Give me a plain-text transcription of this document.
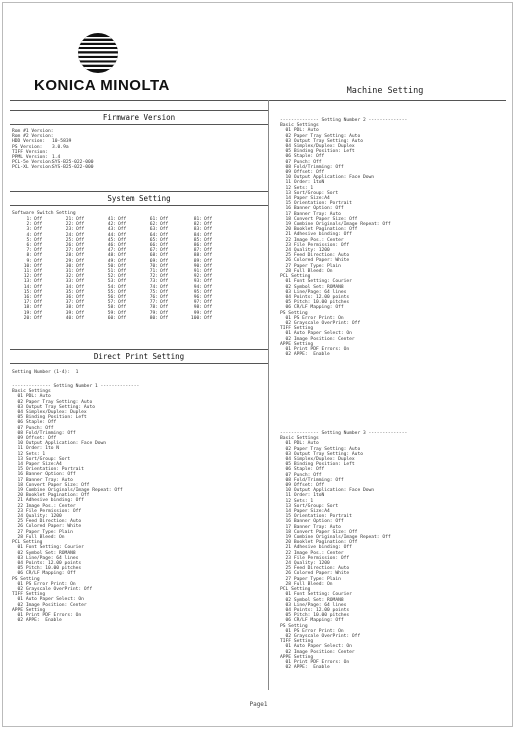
KONICA MINOLTA	Machine Setting
Firmware Version
Rom #1 Version:
Rom #2 Version:
HDD Version:	10-5839
PS Version:	3.0.9a
TIFF Version:
PPML Version: 1.4
PCL-5e Version:
SYS-B25-022-000
PCL-XL Version:
SYS-B25-022-000
System Setting
Software Switch Setting
1: Off	21: Off	41: Off	61: Off	81: Off
2: Off	22: Off	42: Off	62: Off	82: Off
3: Off	23: Off	43: Off	63: Off	83: Off
4: Off	24: Off	44: Off	64: Off	84: Off
5: Off	25: Off	45: Off	65: Off	85: Off
6: Off	26: Off	46: Off	66: Off	86: Off
7: Off	27: Off	47: Off	67: Off	87: Off
8: Off	28: Off	48: Off	68: Off	88: Off
9: Off	29: Off	49: Off	69: Off	89: Off
10: Off	30: Off	50: Off	70: Off	90: Off
11: Off	31: Off	51: Off	71: Off	91: Off
12: Off	32: Off	52: Off	72: Off	92: Off
13: Off	33: Off	53: Off	73: Off	93: Off
14: Off	34: Off	54: Off	74: Off	94: Off
15: Off	35: Off	55: Off	75: Off	95: Off
16: Off	36: Off	56: Off	76: Off	96: Off
17: Off	37: Off	57: Off	77: Off	97: Off
18: Off	38: Off	58: Off	78: Off	98: Off
19: Off	39: Off	59: Off	79: Off	99: Off
20: Off	40: Off	60: Off	80: Off	100: Off
Direct Print Setting
Setting Number (1-4):  1
-------------- Setting Number 1 --------------
Basic Settings
01 PDL: Auto
02 Paper Tray Setting: Auto
03 Output Tray Setting: Auto
04 Simplex/Duplex: Duplex
05 Binding Position: Left
06 Staple: Off
07 Punch: Off
08 Fold/Trimming: Off
09 Offset: Off
10 Output Application: Face Down
11 Order: 1to N
12 Sets: 1
13 Sort/Group: Sort
14 Paper Size:A4
15 Orientation: Portrait
16 Banner Option: Off
17 Banner Tray: Auto
18 Convert Paper Size: Off
19 Combine Originals/Image Repeat: Off
20 Booklet Pagination: Off
21 Adhesive binding: Off
22 Image Pos.: Center
23 File Permission: Off
24 Quality: 1200
25 Feed Direction: Auto
26 Colored Paper: White
27 Paper Type: Plain
28 Full Bleed: On
PCL Setting
01 Font Setting: Courier
02 Symbol Set: ROMAN8
03 Line/Page: 64 lines
04 Points: 12.00 points
05 Pitch: 10.00 pitches
06 CR/LF Mapping: Off
PS Setting
01 PS Error Print: On
02 Grayscale OverPrint: Off
TIFF Setting
01 Auto Paper Select: On
02 Image Position: Center
APPE Setting
01 Print PDF Errors: On
02 APPE:  Enable
-------------- Setting Number 2 --------------
Basic Settings
01 PDL: Auto
02 Paper Tray Setting: Auto
03 Output Tray Setting: Auto
04 Simplex/Duplex: Duplex
05 Binding Position: Left
06 Staple: Off
07 Punch: Off
08 Fold/Trimming: Off
09 Offset: Off
10 Output Application: Face Down
11 Order: 1toN
12 Sets: 1
13 Sort/Group: Sort
14 Paper Size:A4
15 Orientation: Portrait
16 Banner Option: Off
17 Banner Tray: Auto
18 Convert Paper Size: Off
19 Combine Originals/Image Repeat: Off
20 Booklet Pagination: Off
21 Adhesive binding: Off
22 Image Pos.: Center
23 File Permission: Off
24 Quality: 1200
25 Feed Direction: Auto
26 Colored Paper: White
27 Paper Type: Plain
28 Full Bleed: On
PCL Setting
01 Font Setting: Courier
02 Symbol Set: ROMAN8
03 Line/Page: 64 lines
04 Points: 12.00 points
05 Pitch: 10.00 pitches
06 CR/LF Mapping: Off
PS Setting
01 PS Error Print: On
02 Grayscale OverPrint: Off
TIFF Setting
01 Auto Paper Select: On
02 Image Position: Center
APPE Setting
01 Print PDF Errors: On
02 APPE:  Enable
-------------- Setting Number 3 --------------
Basic Settings
01 PDL: Auto
02 Paper Tray Setting: Auto
03 Output Tray Setting: Auto
04 Simplex/Duplex: Duplex
05 Binding Position: Left
06 Staple: Off
07 Punch: Off
08 Fold/Trimming: Off
09 Offset: Off
10 Output Application: Face Down
11 Order: 1toN
12 Sets: 1
13 Sort/Group: Sort
14 Paper Size:A4
15 Orientation: Portrait
16 Banner Option: Off
17 Banner Tray: Auto
18 Convert Paper Size: Off
19 Combine Originals/Image Repeat: Off
20 Booklet Pagination: Off
21 Adhesive binding: Off
22 Image Pos.: Center
23 File Permission: Off
24 Quality: 1200
25 Feed Direction: Auto
26 Colored Paper: White
27 Paper Type: Plain
28 Full Bleed: On
PCL Setting
01 Font Setting: Courier
02 Symbol Set: ROMAN8
03 Line/Page: 64 lines
04 Points: 12.00 points
05 Pitch: 10.00 pitches
06 CR/LF Mapping: Off
PS Setting
01 PS Error Print: On
02 Grayscale OverPrint: Off
TIFF Setting
01 Auto Paper Select: On
02 Image Position: Center
APPE Setting
01 Print PDF Errors: On
02 APPE:  Enable
Page1
